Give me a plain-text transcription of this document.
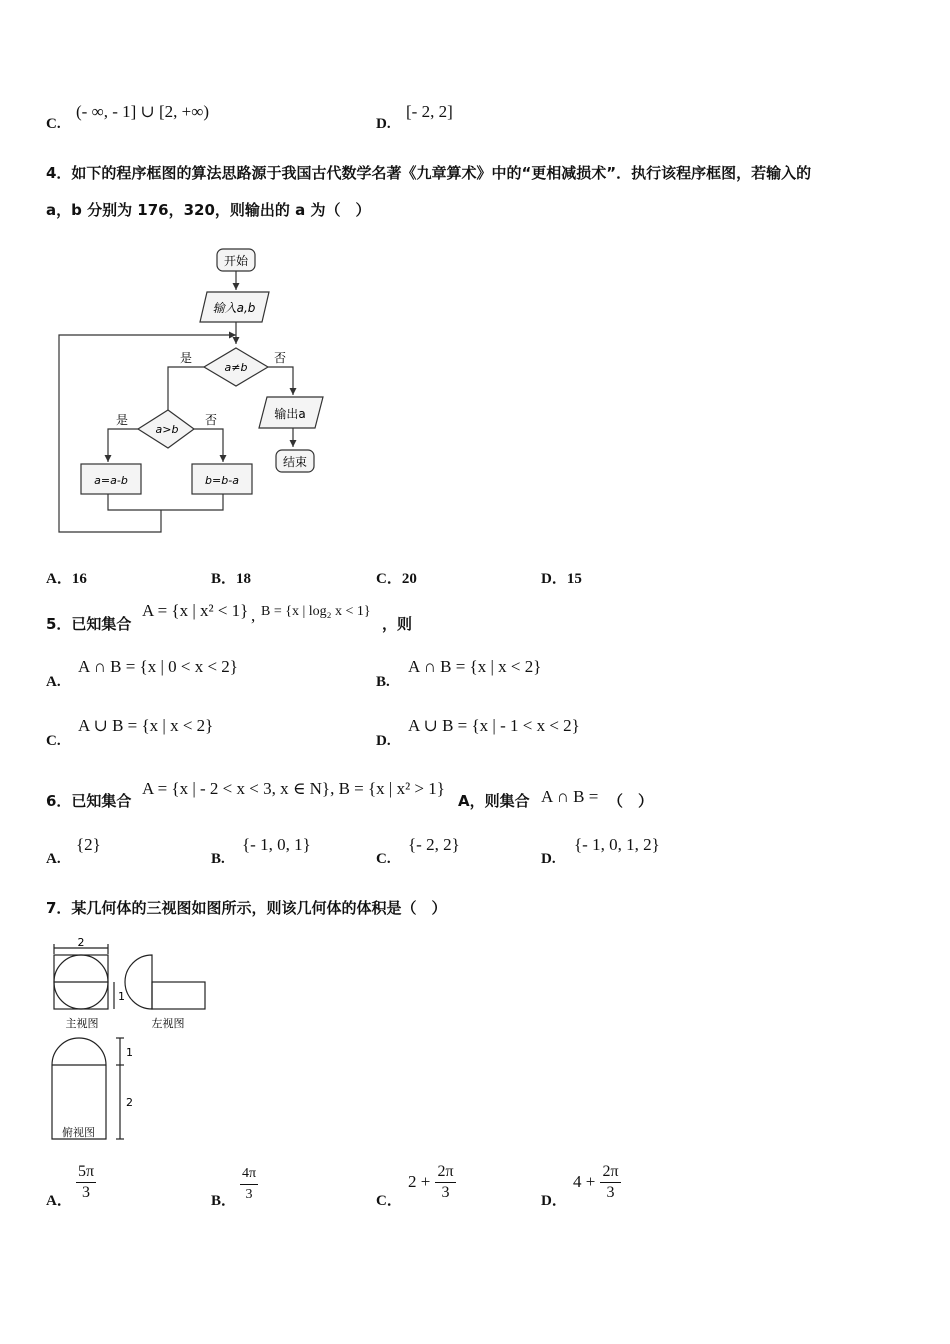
C.
(- ∞, - 1] ∪ [2, +∞)
D.
[- 2, 2]
4．如下的程序框图的算法思路源于我国古代数学名著《九章算术》中的“更相减损术”．执行该程序框图，若输入的
a，b 分别为 176，320，则输出的 a 为（　）
开始
输入a,b
a≠b
是	否
输出a
结束
a>b
是	否
a=a-b	b=b-a
A．16	B．18	C．20	D．15
5．已知集合
A = {x | x² < 1} , B = {x | log₂ x < 1}
，则
A.
A ∩ B = {x | 0 < x < 2}
B.
A ∩ B = {x | x < 2}
C.
A ∪ B = {x | x < 2}
D.
A ∪ B = {x | - 1 < x < 2}
6．已知集合
A = {x | - 2 < x < 3, x ∈ N}, B = {x | x² > 1}
A，则集合 A ∩ B = （　）
A.
{2}
B.
{- 1, 0, 1}
C.
{- 2, 2}
D.
{- 1, 0, 1, 2}
7．某几何体的三视图如图所示，则该几何体的体积是（　）
2
1
1
2
主视图	左视图
俯视图
A． $\frac{5\pi}{3}$	B． $\frac{4\pi}{3}$	C．
$2 + \frac{2\pi}{3}$	D．
$4 + \frac{2\pi}{3}$
